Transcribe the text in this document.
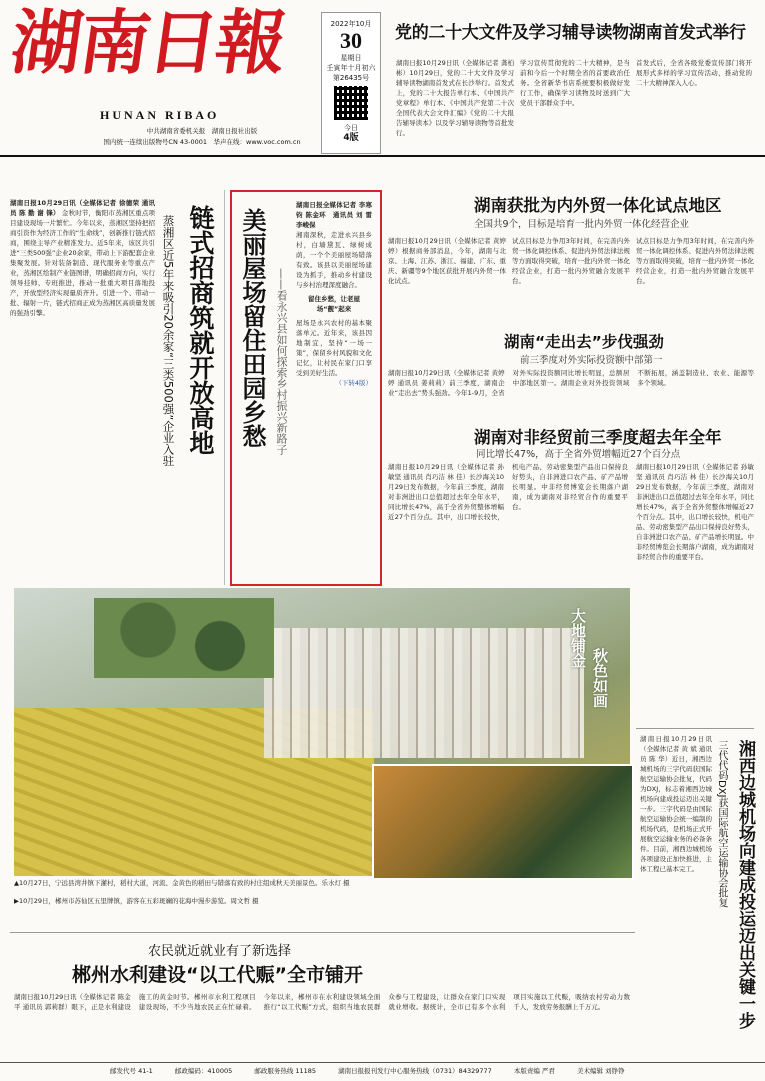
湖南日報
HUNAN RIBAO
中共湖南省委机关报　湖南日报社出版
国内统一连续出版物号CN 43-0001　华声在线：www.voc.com.cn
2022年10月
30
星期日
壬寅年十月初六
第26435号
今日
4版
党的二十大文件及学习辅导读物湖南首发式举行
湖南日报10月29日讯（全媒体记者 龚柏彬）10月29日，党的二十大文件及学习辅导读物湖南首发式在长沙举行。首发式上，党的二十大报告单行本、《中国共产党章程》单行本、《中国共产党第二十次全国代表大会文件汇编》《党的二十大报告辅导读本》以及学习辅导读物等首批发行。
学习宣传贯彻党的二十大精神，是当前和今后一个时期全省的首要政治任务。全省新华书店系统要积极做好发行工作，确保学习读物及时送到广大党员干部群众手中。
首发式后，全省各级党委宣传部门将开展形式多样的学习宣传活动，推动党的二十大精神深入人心。
湖南日报10月29日讯（全媒体记者 徐德荣 通讯员 陈 勤 谢 锋） 金秋时节，衡阳市蒸湘区重点项目建设现场一片繁忙。今年以来，蒸湘区坚持把招商引资作为经济工作的“生命线”，创新推行链式招商，围绕主导产业精准发力。近5年来，该区共引进“三类500强”企业20余家，带动上下游配套企业集聚发展。针对装备制造、现代服务业等重点产业，蒸湘区绘制产业链图谱，明确招商方向，实行领导挂帅、专班推进，推动一批重大项目落地投产，开放型经济实现量质齐升。引进一个、带动一批、辐射一片，链式招商正成为蒸湘区高质量发展的强劲引擎。	链式招商筑就开放高地
蒸湘区近5年来吸引20余家“三类500强”企业入驻	美丽屋场留住田园乡愁 ——看永兴县如何探索乡村振兴新路子
湖南日报全媒体记者 李寒钧 陈金环　通讯员 刘 雷 李峻保
湘南深秋，走进永兴县乡村，白墙黛瓦、绿树成荫，一个个美丽屋场错落有致。该县以美丽屋场建设为抓手，推动乡村建设与乡村治理深度融合。
留住乡愁，让老屋场“靓”起来
屋场是永兴农村的基本聚落单元。近年来，该县因地制宜，坚持“一场一策”，保留乡村风貌和文化记忆，让村民在家门口享受到美好生活。
（下转4版）
湖南获批为内外贸一体化试点地区
全国共9个，目标是培育一批内外贸一体化经营企业
湖南日报10月29日讯（全媒体记者 黄婷婷）根据商务部消息，今年，湖南与北京、上海、江苏、浙江、福建、广东、重庆、新疆等9个地区获批开展内外贸一体化试点。
试点目标是力争用3年时间，在完善内外贸一体化调控体系、促进内外贸法律法规等方面取得突破，培育一批内外贸一体化经营企业，打造一批内外贸融合发展平台。
试点目标是力争用3年时间，在完善内外贸一体化调控体系、促进内外贸法律法规等方面取得突破，培育一批内外贸一体化经营企业，打造一批内外贸融合发展平台。
湖南“走出去”步伐强劲
前三季度对外实际投资额中部第一
湖南日报10月29日讯（全媒体记者 黄婷婷 通讯员 姜莉莉）前三季度，湖南企业“走出去”势头强劲。今年1-9月，全省对外实际投资额同比增长明显，总额居中部地区第一。湖南企业对外投资领域不断拓展，涵盖制造业、农业、能源等多个领域。
湖南对非经贸前三季度超去年全年
同比增长47%，高于全省外贸增幅近27个百分点
湖南日报10月29日讯（全媒体记者 孙敏坚 通讯员 肖巧洁 林 佳）长沙海关10月29日发布数据，今年前三季度，湖南对非洲进出口总值超过去年全年水平，同比增长47%，高于全省外贸整体增幅近27个百分点。其中，出口增长较快，机电产品、劳动密集型产品出口保持良好势头，自非洲进口农产品、矿产品增长明显。中非经贸博览会长期落户湖南，成为湖南对非经贸合作的重要平台。
湖南日报10月29日讯（全媒体记者 孙敏坚 通讯员 肖巧洁 林 佳）长沙海关10月29日发布数据，今年前三季度，湖南对非洲进出口总值超过去年全年水平，同比增长47%，高于全省外贸整体增幅近27个百分点。其中，出口增长较快，机电产品、劳动密集型产品出口保持良好势头，自非洲进口农产品、矿产品增长明显。中非经贸博览会长期落户湖南，成为湖南对非经贸合作的重要平台。
大地铺金
秋色如画
▲10月27日，宁远县湾井镇下灌村，稻村大道，河流、金黄色的稻田与错落有致的村庄组成秋天美丽景色。乐水灯 摄
▶10月29日，郴州市苏仙区五里牌镇，游客在五彩斑斓的花海中漫步游览。周文哲 摄
农民就近就业有了新选择
郴州水利建设“以工代赈”全市铺开
湖南日报10月29日讯（全媒体记者 陈金平 通讯员 郭莉群）眼下，正是水利建设施工的黄金时节。郴州市水利工程项目建设现场，不少当地农民正在忙碌着。今年以来，郴州市在水利建设领域全面推行“以工代赈”方式，组织当地农民群众参与工程建设，让群众在家门口实现就业增收。据统计，全市已有多个水利项目实施以工代赈，吸纳农村劳动力数千人，发放劳务报酬上千万元。
湖南日报10月29日讯（全媒体记者 黄 斌 通讯员 陈 华）近日，湘西边城机场的三字代码获国际航空运输协会批复，代码为DXJ，标志着湘西边城机场向建成投运迈出关键一步。三字代码是由国际航空运输协会统一编制的机场代码，是机场正式开展航空运输业务的必备条件。目前，湘西边城机场各项建设正加快推进，主体工程已基本完工。	湘西边城机场向建成投运迈出关键一步
三代代码DXJ获国际航空运输协会批复
邮发代号 41-1	邮政编码：410005	邮政服务热线 11185	湖南日报报刊发行中心服务热线（0731）84329777	本版责编 严君	美术编辑 刘铮铮
